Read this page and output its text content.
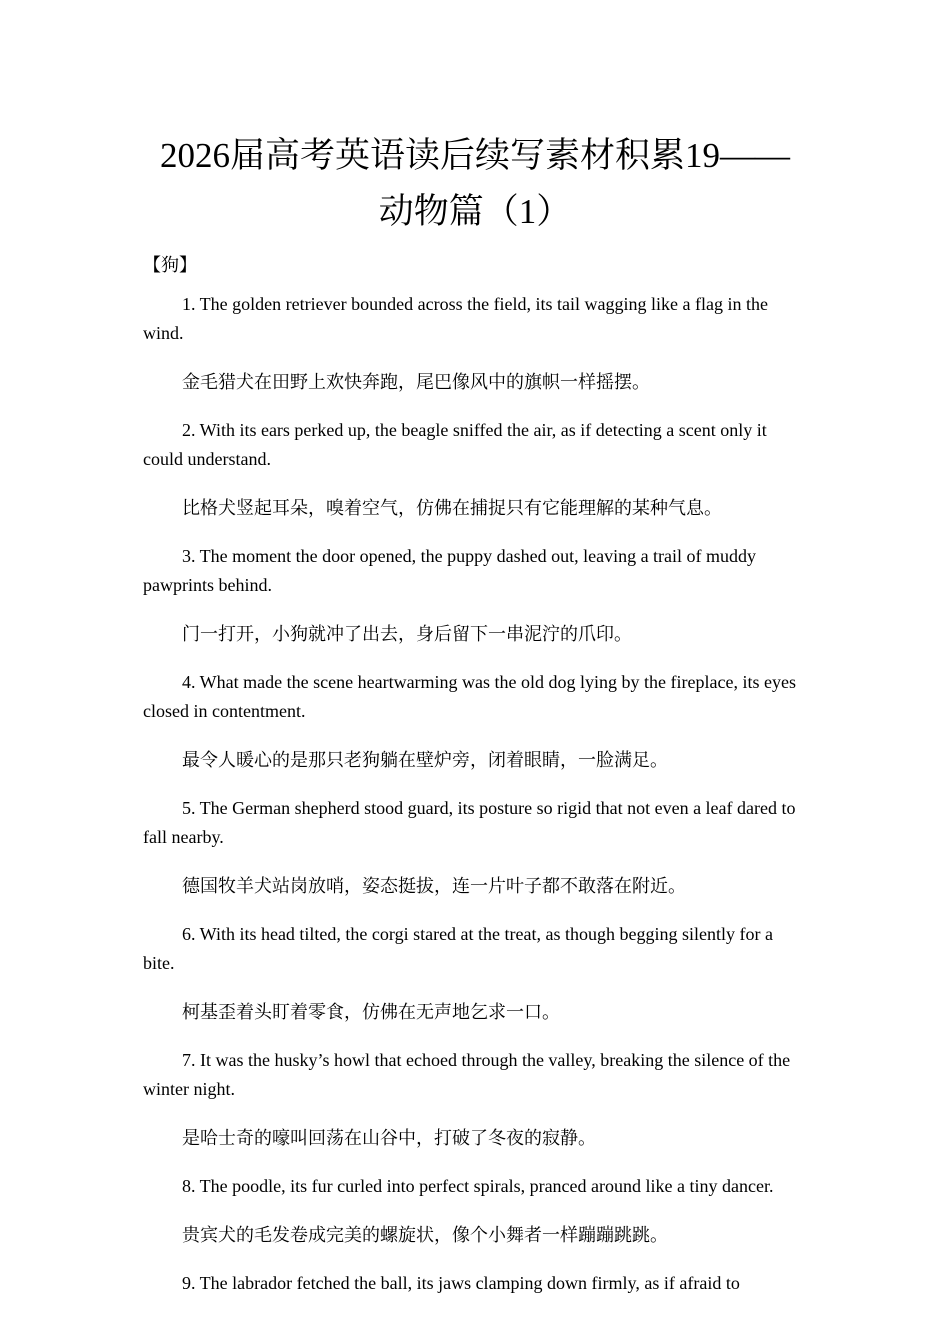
2026届高考英语读后续写素材积累19——
动物篇（1）
【狗】

1. The golden retriever bounded across the field, its tail wagging like a flag in the wind.

金毛猎犬在田野上欢快奔跑，尾巴像风中的旗帜一样摇摆。

2. With its ears perked up, the beagle sniffed the air, as if detecting a scent only it could understand.

比格犬竖起耳朵，嗅着空气，仿佛在捕捉只有它能理解的某种气息。

3. The moment the door opened, the puppy dashed out, leaving a trail of muddy pawprints behind.

门一打开，小狗就冲了出去，身后留下一串泥泞的爪印。

4. What made the scene heartwarming was the old dog lying by the fireplace, its eyes closed in contentment.

最令人暖心的是那只老狗躺在壁炉旁，闭着眼睛，一脸满足。

5. The German shepherd stood guard, its posture so rigid that not even a leaf dared to fall nearby.

德国牧羊犬站岗放哨，姿态挺拔，连一片叶子都不敢落在附近。

6. With its head tilted, the corgi stared at the treat, as though begging silently for a bite.

柯基歪着头盯着零食，仿佛在无声地乞求一口。

7. It was the husky’s howl that echoed through the valley, breaking the silence of the winter night.

是哈士奇的嚎叫回荡在山谷中，打破了冬夜的寂静。

8. The poodle, its fur curled into perfect spirals, pranced around like a tiny dancer.

贵宾犬的毛发卷成完美的螺旋状，像个小舞者一样蹦蹦跳跳。

9. The labrador fetched the ball, its jaws clamping down firmly, as if afraid to
